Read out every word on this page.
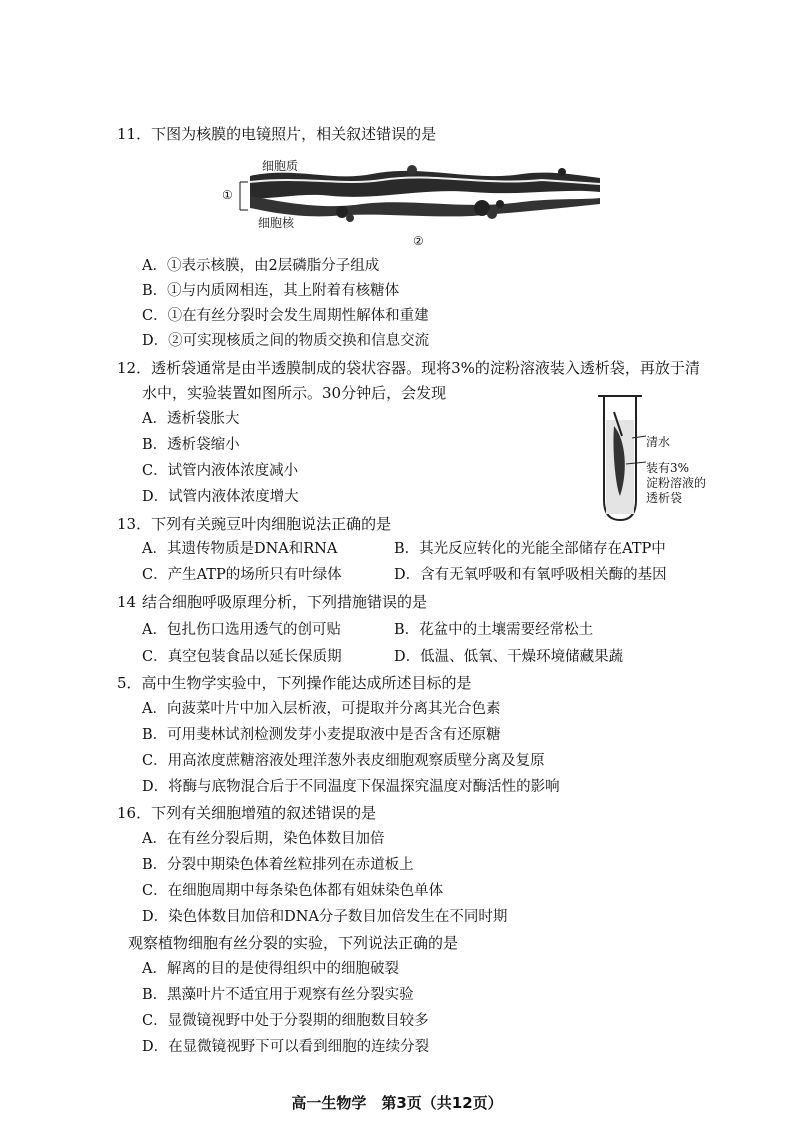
11．下图为核膜的电镜照片，相关叙述错误的是
细胞质
①
细胞核
②
A．①表示核膜，由2层磷脂分子组成
B．①与内质网相连，其上附着有核糖体
C．①在有丝分裂时会发生周期性解体和重建
D．②可实现核质之间的物质交换和信息交流
12．透析袋通常是由半透膜制成的袋状容器。现将3%的淀粉溶液装入透析袋，再放于清
水中，实验装置如图所示。30分钟后，会发现
清水
装有3%
淀粉溶液的
透析袋
A．透析袋胀大
B．透析袋缩小
C．试管内液体浓度减小
D．试管内液体浓度增大
13．下列有关豌豆叶肉细胞说法正确的是
A．其遗传物质是DNA和RNA	B．其光反应转化的光能全部储存在ATP中
C．产生ATP的场所只有叶绿体	D．含有无氧呼吸和有氧呼吸相关酶的基因
14 结合细胞呼吸原理分析，下列措施错误的是
A．包扎伤口选用透气的创可贴	B．花盆中的土壤需要经常松土
C．真空包装食品以延长保质期	D．低温、低氧、干燥环境储藏果蔬
5．高中生物学实验中，下列操作能达成所述目标的是
A．向菠菜叶片中加入层析液，可提取并分离其光合色素
B．可用斐林试剂检测发芽小麦提取液中是否含有还原糖
C．用高浓度蔗糖溶液处理洋葱外表皮细胞观察质壁分离及复原
D．将酶与底物混合后于不同温度下保温探究温度对酶活性的影响
16．下列有关细胞增殖的叙述错误的是
A．在有丝分裂后期，染色体数目加倍
B．分裂中期染色体着丝粒排列在赤道板上
C．在细胞周期中每条染色体都有姐妹染色单体
D．染色体数目加倍和DNA分子数目加倍发生在不同时期
观察植物细胞有丝分裂的实验，下列说法正确的是
A．解离的目的是使得组织中的细胞破裂
B．黑藻叶片不适宜用于观察有丝分裂实验
C．显微镜视野中处于分裂期的细胞数目较多
D．在显微镜视野下可以看到细胞的连续分裂
高一生物学　第3页（共12页）
